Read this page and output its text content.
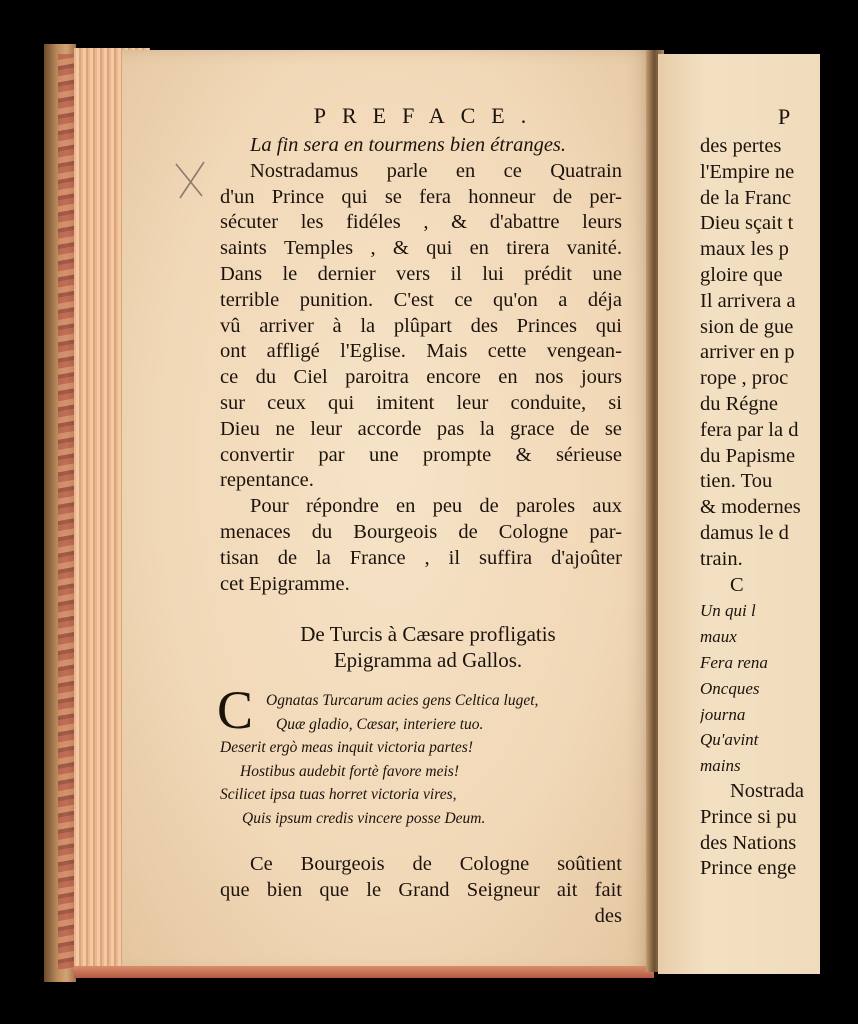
PREFACE.
La fin sera en tourmens bien étranges.
Nostradamus parle en ce Quatrain
d'un Prince qui se fera honneur de per-
sécuter les fidéles , & d'abattre leurs
saints Temples , & qui en tirera vanité.
Dans le dernier vers il lui prédit une
terrible punition. C'est ce qu'on a déja
vû arriver à la plûpart des Princes qui
ont affligé l'Eglise. Mais cette vengean-
ce du Ciel paroitra encore en nos jours
sur ceux qui imitent leur conduite, si
Dieu ne leur accorde pas la grace de se
convertir par une prompte & sérieuse
repentance.
Pour répondre en peu de paroles aux
menaces du Bourgeois de Cologne par-
tisan de la France , il suffira d'ajoûter
cet Epigramme.
De Turcis à Cæsare profligatis
Epigramma ad Gallos.
C Ognatas Turcarum acies gens Celtica luget,
Quæ gladio, Cæsar, interiere tuo.
Deserit ergò meas inquit victoria partes!
Hostibus audebit fortè favore meis!
Scilicet ipsa tuas horret victoria vires,
Quis ipsum credis vincere posse Deum.
Ce Bourgeois de Cologne soûtient
que bien que le Grand Seigneur ait fait
des
P
des pertes
l'Empire ne
de la Franc
Dieu sçait t
maux les p
gloire que
Il arrivera a
sion de gue
arriver en p
rope , proc
du Régne
fera par la d
du Papisme
tien. Tou
& modernes
damus le d
train.
C
Un qui l
maux
Fera rena
Oncques
journa
Qu'avint
mains
Nostrada
Prince si pu
des Nations
Prince enge
